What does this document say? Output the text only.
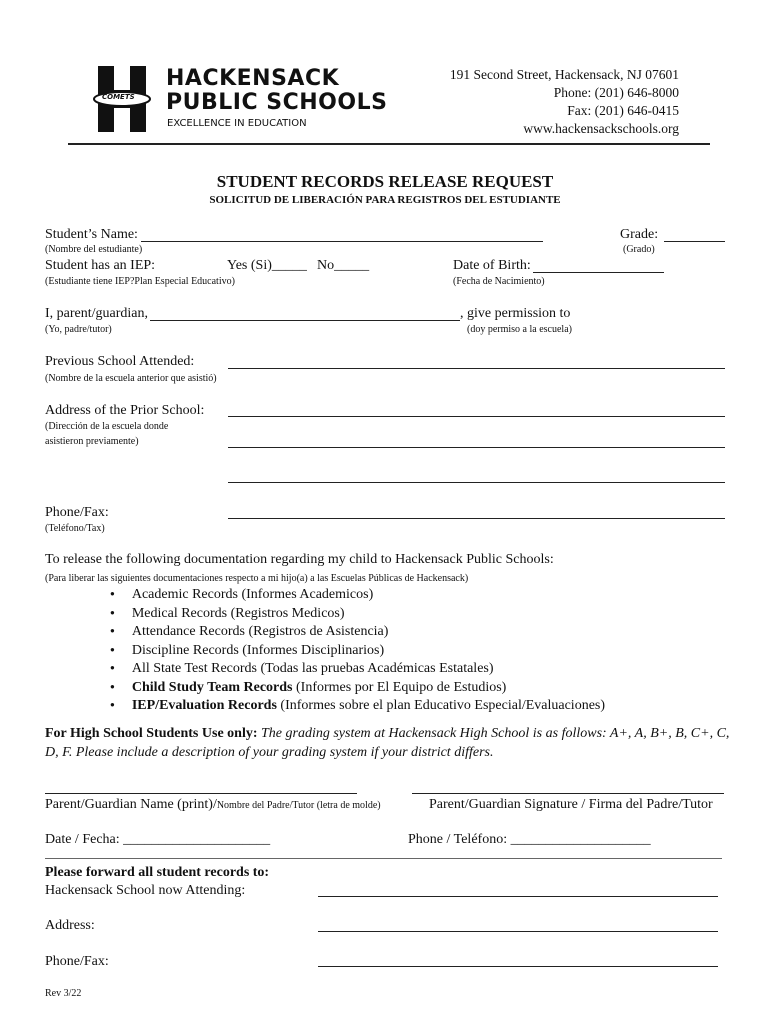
COMETS
HACKENSACK
PUBLIC SCHOOLS
EXCELLENCE IN EDUCATION
191 Second Street, Hackensack, NJ 07601
Phone: (201) 646-8000
Fax: (201) 646-0415
www.hackensackschools.org
STUDENT RECORDS RELEASE REQUEST
SOLICITUD DE LIBERACIÓN PARA REGISTROS DEL ESTUDIANTE
Student’s Name:
(Nombre del estudiante)
Grade:
(Grado)
Student has an IEP:	Yes (Si)_____ No_____
(Estudiante tiene IEP?Plan Especial Educativo)
Date of Birth:
(Fecha de Nacimiento)
I, parent/guardian,	, give permission to
(Yo, padre/tutor)	(doy permiso a la escuela)
Previous School Attended:
(Nombre de la escuela anterior que asistió)
Address of the Prior School:
(Dirección de la escuela donde
asistieron previamente)
Phone/Fax:
(Teléfono/Tax)
To release the following documentation regarding my child to Hackensack Public Schools:
(Para liberar las siguientes documentaciones respecto a mi hijo(a) a las Escuelas Públicas de Hackensack)
● Academic Records (Informes Academicos)
● Medical Records (Registros Medicos)
● Attendance Records (Registros de Asistencia)
● Discipline Records (Informes Disciplinarios)
● All State Test Records (Todas las pruebas Académicas Estatales)
● Child Study Team Records (Informes por El Equipo de Estudios)
● IEP/Evaluation Records (Informes sobre el plan Educativo Especial/Evaluaciones)
For High School Students Use only: The grading system at Hackensack High School is as follows: A+, A, B+, B, C+, C,
D, F. Please include a description of your grading system if your district differs.
Parent/Guardian Name (print)/Nombre del Padre/Tutor (letra de molde)	Parent/Guardian Signature / Firma del Padre/Tutor
Date / Fecha: _____________________	Phone / Teléfono: ____________________
Please forward all student records to:
Hackensack School now Attending:
Address:
Phone/Fax:
Rev 3/22
